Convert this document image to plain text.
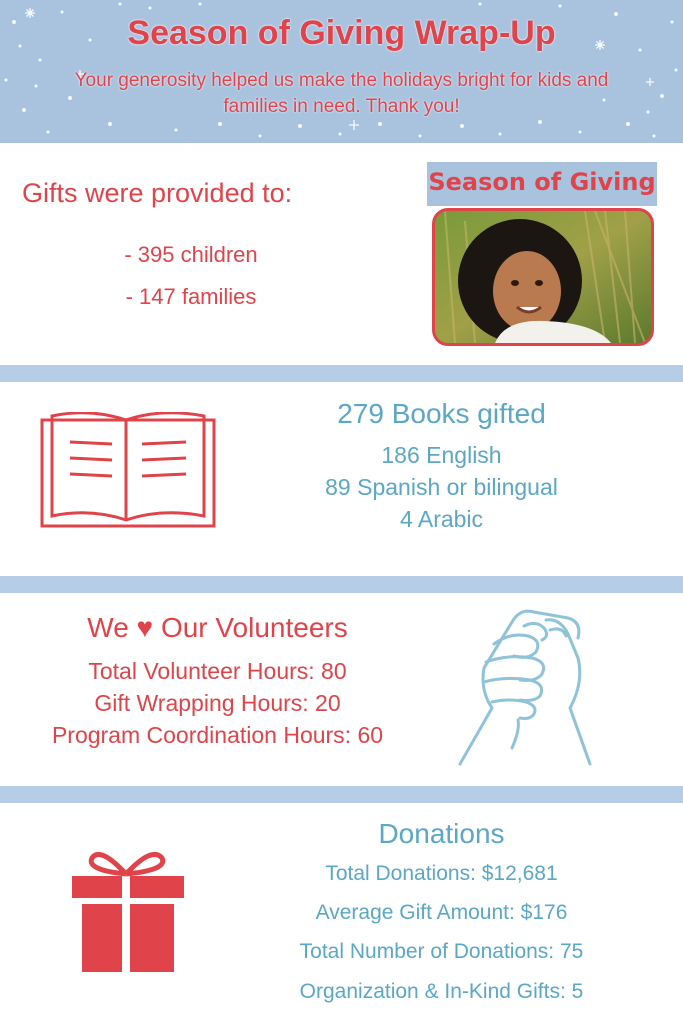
Season of Giving Wrap-Up
Your generosity helped us make the holidays bright for kids and families in need. Thank you!
Gifts were provided to:
- 395 children
- 147 families
Season of Giving
279 Books gifted
186 English
89 Spanish or bilingual
4 Arabic
We ♥ Our Volunteers
Total Volunteer Hours: 80
Gift Wrapping Hours: 20
Program Coordination Hours: 60
Donations
Total Donations: $12,681
Average Gift Amount: $176
Total Number of Donations: 75
Organization & In-Kind Gifts: 5
